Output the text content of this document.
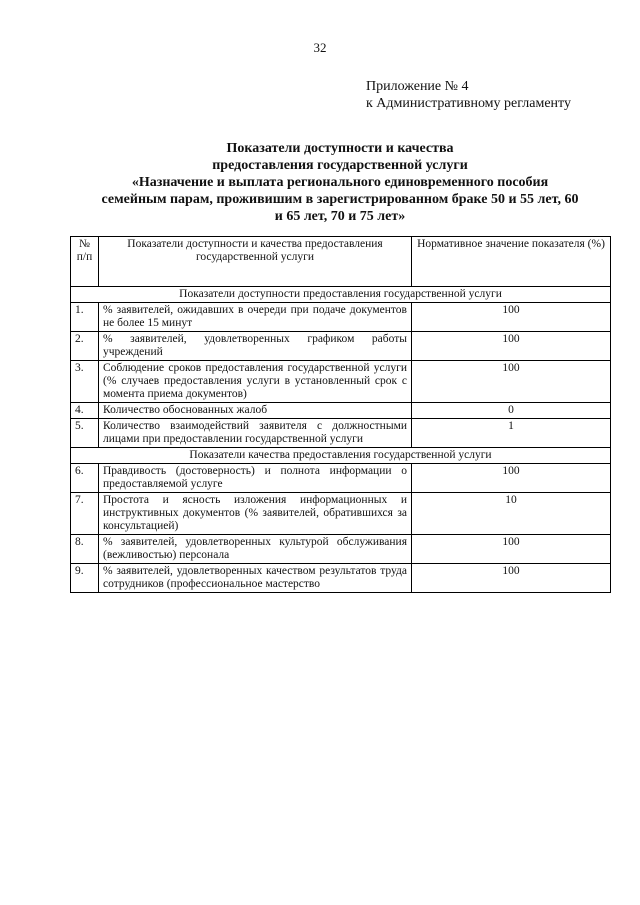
32
Приложение № 4
к Административному регламенту
Показатели доступности и качества
предоставления государственной услуги
«Назначение и выплата регионального единовременного пособия
семейным парам, проживишим в зарегистрированном браке 50 и 55 лет, 60
и 65 лет, 70 и 75 лет»
№ п/п	Показатели доступности и качества предоставления государственной услуги	Нормативное значение показателя (%)
Показатели доступности предоставления государственной услуги		
1.	% заявителей, ожидавших в очереди при подаче документов не более 15 минут	100
2.	% заявителей, удовлетворенных графиком работы учреждений	100
3.	Соблюдение сроков предоставления государственной услуги (% случаев предоставления услуги в установленный срок с момента приема документов)	100
4.	Количество обоснованных жалоб	0
5.	Количество взаимодействий заявителя с должностными лицами при предоставлении государственной услуги	1
Показатели качества предоставления государственной услуги		
6.	Правдивость (достоверность) и полнота информации о предоставляемой услуге	100
7.	Простота и ясность изложения информационных и инструктивных документов (% заявителей, обратившихся за консультацией)	10
8.	% заявителей, удовлетворенных культурой обслуживания (вежливостью) персонала	100
9.	% заявителей, удовлетворенных качеством результатов труда сотрудников (профессиональное мастерство	100
